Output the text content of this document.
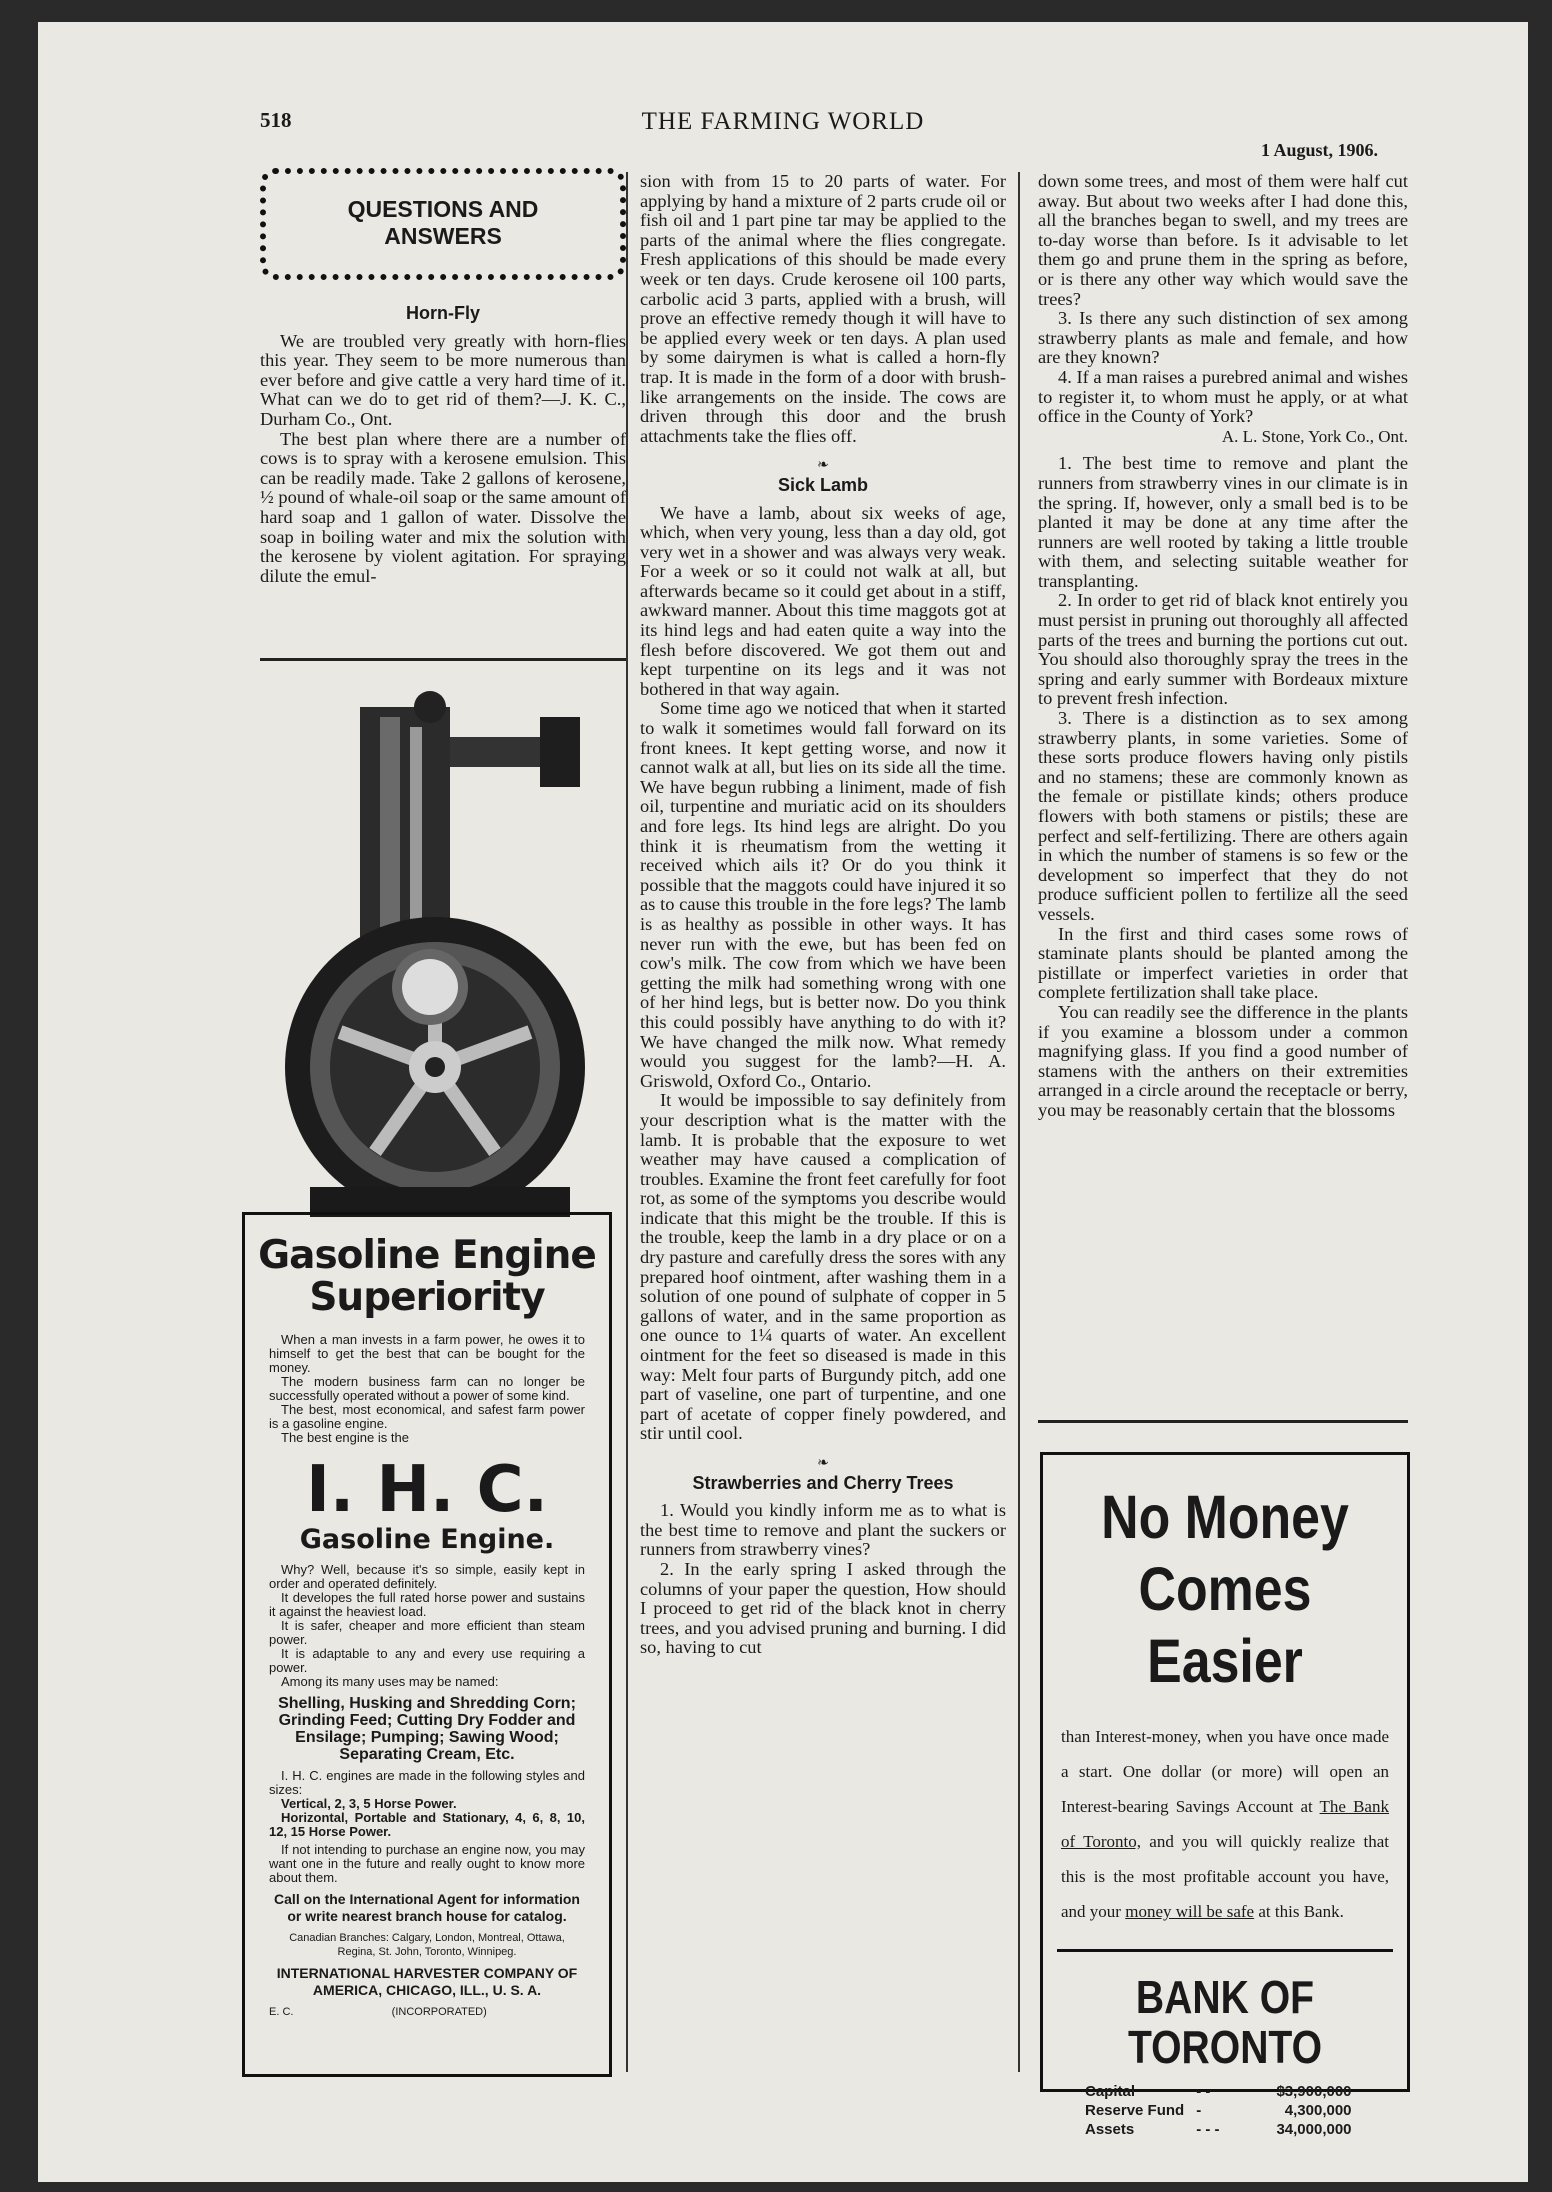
518	THE FARMING WORLD
1 August, 1906.
QUESTIONS AND
ANSWERS
Horn-Fly

We are troubled very greatly with horn-flies this year. They seem to be more numerous than ever before and give cattle a very hard time of it. What can we do to get rid of them?—J. K. C., Durham Co., Ont.

The best plan where there are a number of cows is to spray with a kerosene emulsion. This can be readily made. Take 2 gallons of kerosene, ½ pound of whale-oil soap or the same amount of hard soap and 1 gallon of water. Dissolve the soap in boiling water and mix the solution with the kerosene by violent agitation. For spraying dilute the emul-

Gasoline Engine
Superiority

When a man invests in a farm power, he owes it to himself to get the best that can be bought for the money.

The modern business farm can no longer be successfully operated without a power of some kind.

The best, most economical, and safest farm power is a gasoline engine.

The best engine is the

I. H. C.
Gasoline Engine.

Why? Well, because it's so simple, easily kept in order and operated definitely.

It developes the full rated horse power and sustains it against the heaviest load.

It is safer, cheaper and more efficient than steam power.

It is adaptable to any and every use requiring a power.

Among its many uses may be named:

Shelling, Husking and Shredding Corn; Grinding Feed; Cutting Dry Fodder and Ensilage; Pumping; Sawing Wood; Separating Cream, Etc.

I. H. C. engines are made in the following styles and sizes:

Vertical, 2, 3, 5 Horse Power.

Horizontal, Portable and Stationary, 4, 6, 8, 10, 12, 15 Horse Power.

If not intending to purchase an engine now, you may want one in the future and really ought to know more about them.

Call on the International Agent for information or write nearest branch house for catalog.
Canadian Branches: Calgary, London, Montreal, Ottawa, Regina, St. John, Toronto, Winnipeg.
INTERNATIONAL HARVESTER COMPANY OF AMERICA, CHICAGO, ILL., U. S. A.
E. C.	(INCORPORATED)

sion with from 15 to 20 parts of water. For applying by hand a mixture of 2 parts crude oil or fish oil and 1 part pine tar may be applied to the parts of the animal where the flies congregate. Fresh applications of this should be made every week or ten days. Crude kerosene oil 100 parts, carbolic acid 3 parts, applied with a brush, will prove an effective remedy though it will have to be applied every week or ten days. A plan used by some dairymen is what is called a horn-fly trap. It is made in the form of a door with brush-like arrangements on the inside. The cows are driven through this door and the brush attachments take the flies off.

❧
Sick Lamb

We have a lamb, about six weeks of age, which, when very young, less than a day old, got very wet in a shower and was always very weak. For a week or so it could not walk at all, but afterwards became so it could get about in a stiff, awkward manner. About this time maggots got at its hind legs and had eaten quite a way into the flesh before discovered. We got them out and kept turpentine on its legs and it was not bothered in that way again.

Some time ago we noticed that when it started to walk it sometimes would fall forward on its front knees. It kept getting worse, and now it cannot walk at all, but lies on its side all the time. We have begun rubbing a liniment, made of fish oil, turpentine and muriatic acid on its shoulders and fore legs. Its hind legs are alright. Do you think it is rheumatism from the wetting it received which ails it? Or do you think it possible that the maggots could have injured it so as to cause this trouble in the fore legs? The lamb is as healthy as possible in other ways. It has never run with the ewe, but has been fed on cow's milk. The cow from which we have been getting the milk had something wrong with one of her hind legs, but is better now. Do you think this could possibly have anything to do with it? We have changed the milk now. What remedy would you suggest for the lamb?—H. A. Griswold, Oxford Co., Ontario.

It would be impossible to say definitely from your description what is the matter with the lamb. It is probable that the exposure to wet weather may have caused a complication of troubles. Examine the front feet carefully for foot rot, as some of the symptoms you describe would indicate that this might be the trouble. If this is the trouble, keep the lamb in a dry place or on a dry pasture and carefully dress the sores with any prepared hoof ointment, after washing them in a solution of one pound of sulphate of copper in 5 gallons of water, and in the same proportion as one ounce to 1¼ quarts of water. An excellent ointment for the feet so diseased is made in this way: Melt four parts of Burgundy pitch, add one part of vaseline, one part of turpentine, and one part of acetate of copper finely powdered, and stir until cool.

❧
Strawberries and Cherry Trees

1. Would you kindly inform me as to what is the best time to remove and plant the suckers or runners from strawberry vines?

2. In the early spring I asked through the columns of your paper the question, How should I proceed to get rid of the black knot in cherry trees, and you advised pruning and burning. I did so, having to cut

down some trees, and most of them were half cut away. But about two weeks after I had done this, all the branches began to swell, and my trees are to-day worse than before. Is it advisable to let them go and prune them in the spring as before, or is there any other way which would save the trees?

3. Is there any such distinction of sex among strawberry plants as male and female, and how are they known?

4. If a man raises a purebred animal and wishes to register it, to whom must he apply, or at what office in the County of York?

A. L. Stone, York Co., Ont.

1. The best time to remove and plant the runners from strawberry vines in our climate is in the spring. If, however, only a small bed is to be planted it may be done at any time after the runners are well rooted by taking a little trouble with them, and selecting suitable weather for transplanting.

2. In order to get rid of black knot entirely you must persist in pruning out thoroughly all affected parts of the trees and burning the portions cut out. You should also thoroughly spray the trees in the spring and early summer with Bordeaux mixture to prevent fresh infection.

3. There is a distinction as to sex among strawberry plants, in some varieties. Some of these sorts produce flowers having only pistils and no stamens; these are commonly known as the female or pistillate kinds; others produce flowers with both stamens or pistils; these are perfect and self-fertilizing. There are others again in which the number of stamens is so few or the development so imperfect that they do not produce sufficient pollen to fertilize all the seed vessels.

In the first and third cases some rows of staminate plants should be planted among the pistillate or imperfect varieties in order that complete fertilization shall take place.

You can readily see the difference in the plants if you examine a blossom under a common magnifying glass. If you find a good number of stamens with the anthers on their extremities arranged in a circle around the receptacle or berry, you may be reasonably certain that the blossoms

No Money
Comes Easier
than Interest-money, when you have once made a start. One dollar (or more) will open an Interest-bearing Savings Account at The Bank of Toronto, and you will quickly realize that this is the most profitable account you have, and your money will be safe at this Bank.
BANK OF TORONTO
Capital	- -	$3,900,000
Reserve Fund	-	4,300,000
Assets	- - -	34,000,000
